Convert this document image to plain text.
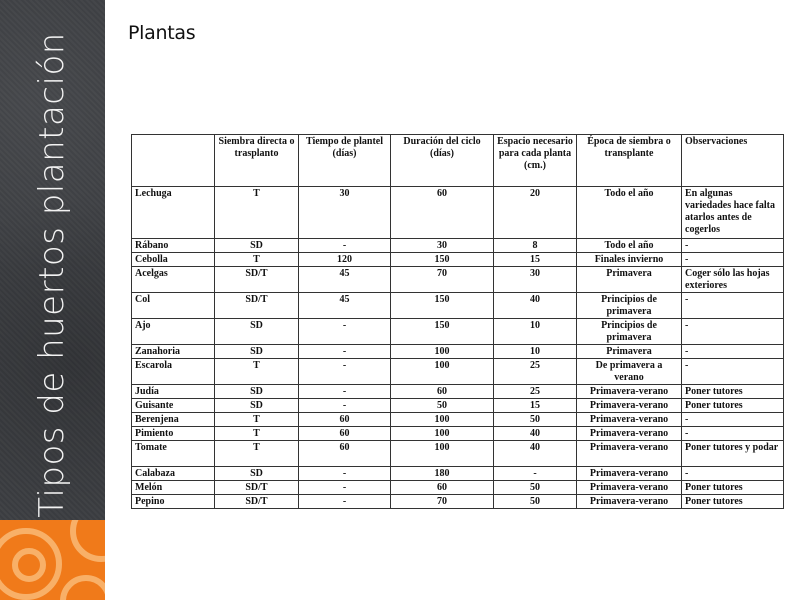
Tipos de huertos plantación	Plantas
	Siembra directa o trasplanto	Tiempo de plantel (días)	Duración del ciclo (días)	Espacio necesario para cada planta (cm.)	Época de siembra o transplante	Observaciones
Lechuga	T	30	60	20	Todo el año	En algunas variedades hace falta atarlos antes de cogerlos
Rábano	SD	-	30	8	Todo el año	-
Cebolla	T	120	150	15	Finales invierno	-
Acelgas	SD/T	45	70	30	Primavera	Coger sólo las hojas exteriores
Col	SD/T	45	150	40	Principios de primavera	-
Ajo	SD	-	150	10	Principios de primavera	-
Zanahoria	SD	-	100	10	Primavera	-
Escarola	T	-	100	25	De primavera a verano	-
Judía	SD	-	60	25	Primavera-verano	Poner tutores
Guisante	SD	-	50	15	Primavera-verano	Poner tutores
Berenjena	T	60	100	50	Primavera-verano	-
Pimiento	T	60	100	40	Primavera-verano	-
Tomate	T	60	100	40	Primavera-verano	Poner tutores y podar
Calabaza	SD	-	180	-	Primavera-verano	-
Melón	SD/T	-	60	50	Primavera-verano	Poner tutores
Pepino	SD/T	-	70	50	Primavera-verano	Poner tutores
